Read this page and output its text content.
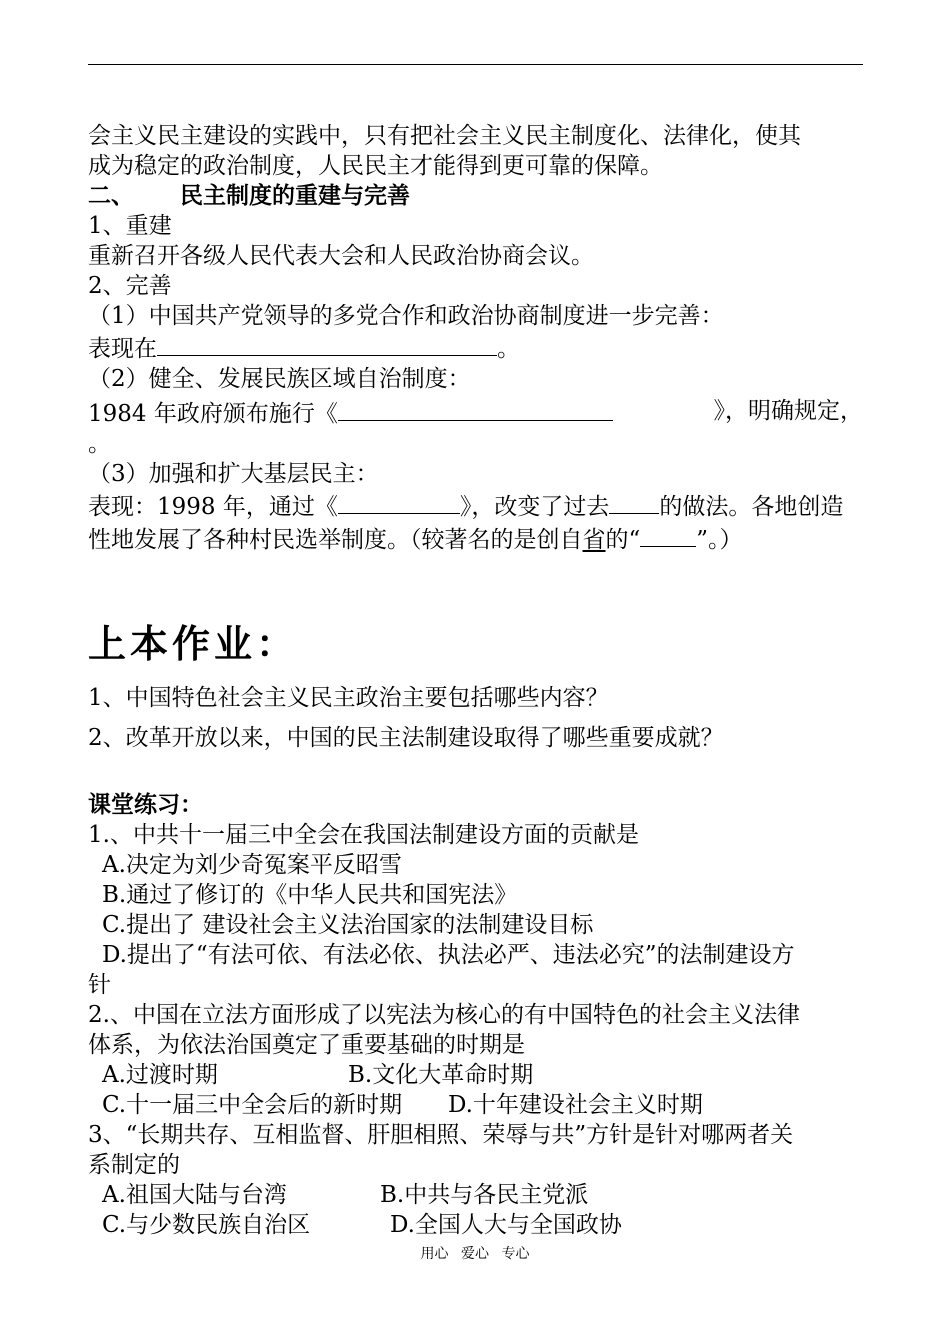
会主义民主建设的实践中，只有把社会主义民主制度化、法律化，使其
成为稳定的政治制度，人民民主才能得到更可靠的保障。
二、 民主制度的重建与完善
1、重建
重新召开各级人民代表大会和人民政治协商会议。
2、完善
（1）中国共产党领导的多党合作和政治协商制度进一步完善：
表现在	。
（2）健全、发展民族区域自治制度：
1984 年政府颁布施行《	》，明确规定，
。
（3）加强和扩大基层民主：
表现：1998 年，通过《	》，改变了过去 的做法。各地创造
性地发展了各种村民选举制度。（较著名的是创自省的“ ”。）
上本作业：
1、中国特色社会主义民主政治主要包括哪些内容？
2、改革开放以来，中国的民主法制建设取得了哪些重要成就？
课堂练习：
1.、中共十一届三中全会在我国法制建设方面的贡献是
A.决定为刘少奇冤案平反昭雪
B.通过了修订的《中华人民共和国宪法》
C.提出了 建设社会主义法治国家的法制建设目标
D.提出了“有法可依、有法必依、执法必严、违法必究”的法制建设方
针
2.、中国在立法方面形成了以宪法为核心的有中国特色的社会主义法律
体系，为依法治国奠定了重要基础的时期是
A.过渡时期	B.文化大革命时期
C.十一届三中全会后的新时期 D.十年建设社会主义时期
3、“长期共存、互相监督、肝胆相照、荣辱与共”方针是针对哪两者关
系制定的
A.祖国大陆与台湾	B.中共与各民主党派
C.与少数民族自治区	D.全国人大与全国政协
用心 爱心 专心
